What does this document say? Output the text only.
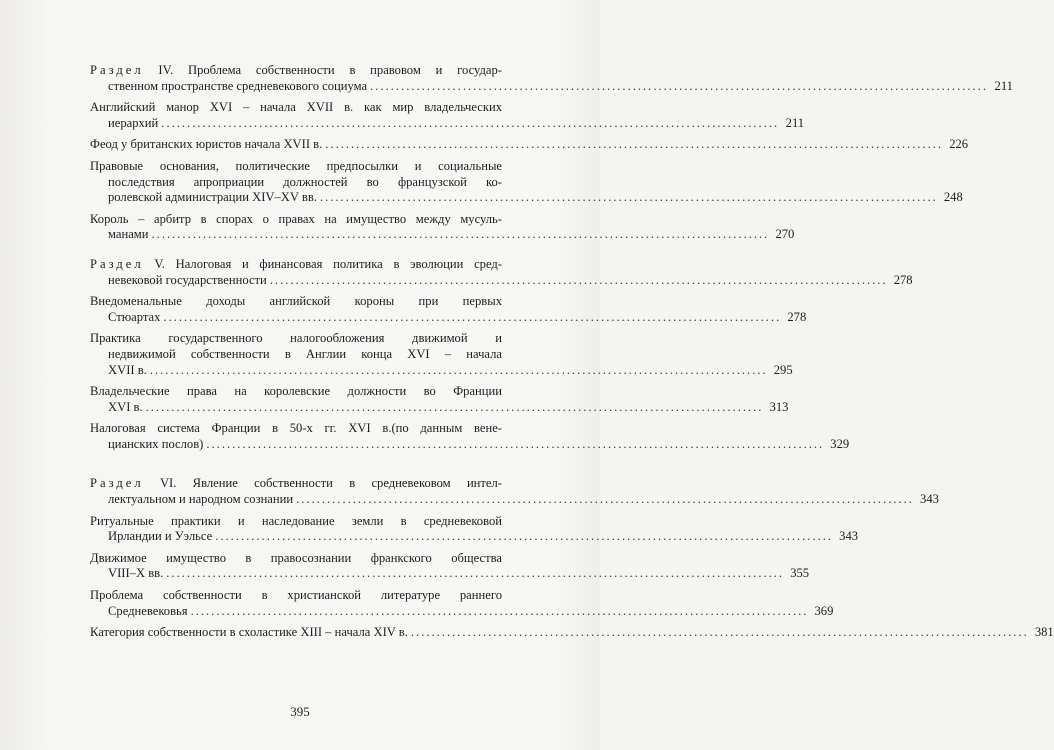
Раздел IV. Проблема собственности в правовом и государ-
ственном пространстве средневекового социума ........................................................................................................................ 211
Английский манор XVI – начала XVII в. как мир владельческих
иерархий ........................................................................................................................ 211
Феод у британских юристов начала XVII в. ........................................................................................................................ 226
Правовые основания, политические предпосылки и социальные
последствия апроприации должностей во французской ко-
ролевской администрации XIV–XV вв. ........................................................................................................................ 248
Король – арбитр в спорах о правах на имущество между мусуль-
манами ........................................................................................................................ 270
Раздел V. Налоговая и финансовая политика в эволюции сред-
невековой государственности ........................................................................................................................ 278
Внедоменальные доходы английской короны при первых
Стюартах ........................................................................................................................ 278
Практика государственного налогообложения движимой и
недвижимой собственности в Англии конца XVI – начала
XVII в. ........................................................................................................................ 295
Владельческие права на королевские должности во Франции
XVI в. ........................................................................................................................ 313
Налоговая система Франции в 50-х гг. XVI в.(по данным вене-
цианских послов) ........................................................................................................................ 329
Раздел VI. Явление собственности в средневековом интел-
лектуальном и народном сознании ........................................................................................................................ 343
Ритуальные практики и наследование земли в средневековой
Ирландии и Уэльсе ........................................................................................................................ 343
Движимое имущество в правосознании франкского общества
VIII–X вв. ........................................................................................................................ 355
Проблема собственности в христианской литературе раннего
Средневековья ........................................................................................................................ 369
Категория собственности в схоластике XIII – начала XIV в. ........................................................................................................................ 381
395
